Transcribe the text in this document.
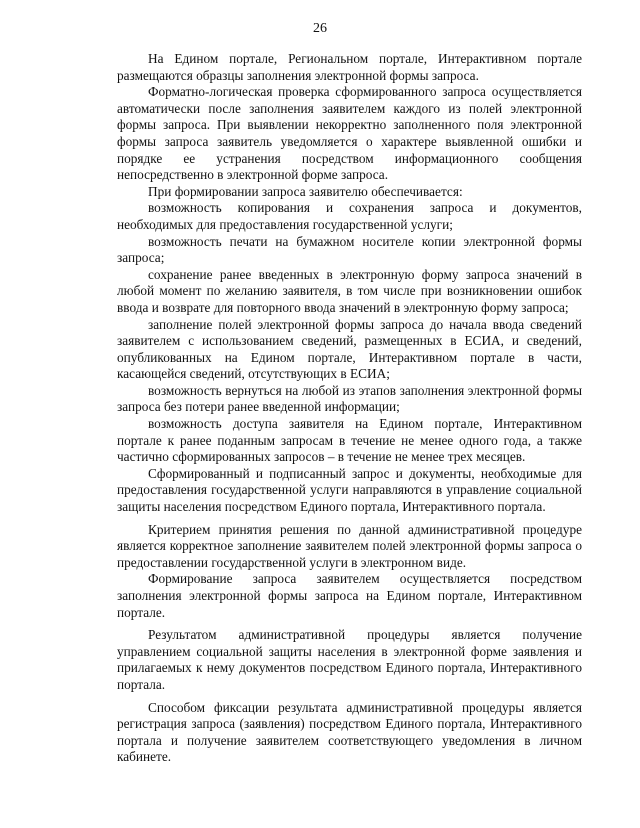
26

На Едином портале, Региональном портале, Интерактивном портале размещаются образцы заполнения электронной формы запроса.

Форматно-логическая проверка сформированного запроса осуществляется автоматически после заполнения заявителем каждого из полей электронной формы запроса. При выявлении некорректно заполненного поля электронной формы запроса заявитель уведомляется о характере выявленной ошибки и порядке ее устранения посредством информационного сообщения непосредственно в электронной форме запроса.

При формировании запроса заявителю обеспечивается:

возможность копирования и сохранения запроса и документов, необходимых для предоставления государственной услуги;

возможность печати на бумажном носителе копии электронной формы запроса;

сохранение ранее введенных в электронную форму запроса значений в любой момент по желанию заявителя, в том числе при возникновении ошибок ввода и возврате для повторного ввода значений в электронную форму запроса;

заполнение полей электронной формы запроса до начала ввода сведений заявителем с использованием сведений, размещенных в ЕСИА, и сведений, опубликованных на Едином портале, Интерактивном портале в части, касающейся сведений, отсутствующих в ЕСИА;

возможность вернуться на любой из этапов заполнения электронной формы запроса без потери ранее введенной информации;

возможность доступа заявителя на Едином портале, Интерактивном портале к ранее поданным запросам в течение не менее одного года, а также частично сформированных запросов – в течение не менее трех месяцев.

Сформированный и подписанный запрос и документы, необходимые для предоставления государственной услуги направляются в управление социальной защиты населения посредством Единого портала, Интерактивного портала.

Критерием принятия решения по данной административной процедуре является корректное заполнение заявителем полей электронной формы запроса о предоставлении государственной услуги в электронном виде.

Формирование запроса заявителем осуществляется посредством заполнения электронной формы запроса на Едином портале, Интерактивном портале.

Результатом административной процедуры является получение управлением социальной защиты населения в электронной форме заявления и прилагаемых к нему документов посредством Единого портала, Интерактивного портала.

Способом фиксации результата административной процедуры является регистрация запроса (заявления) посредством Единого портала, Интерактивного портала и получение заявителем соответствующего уведомления в личном кабинете.
